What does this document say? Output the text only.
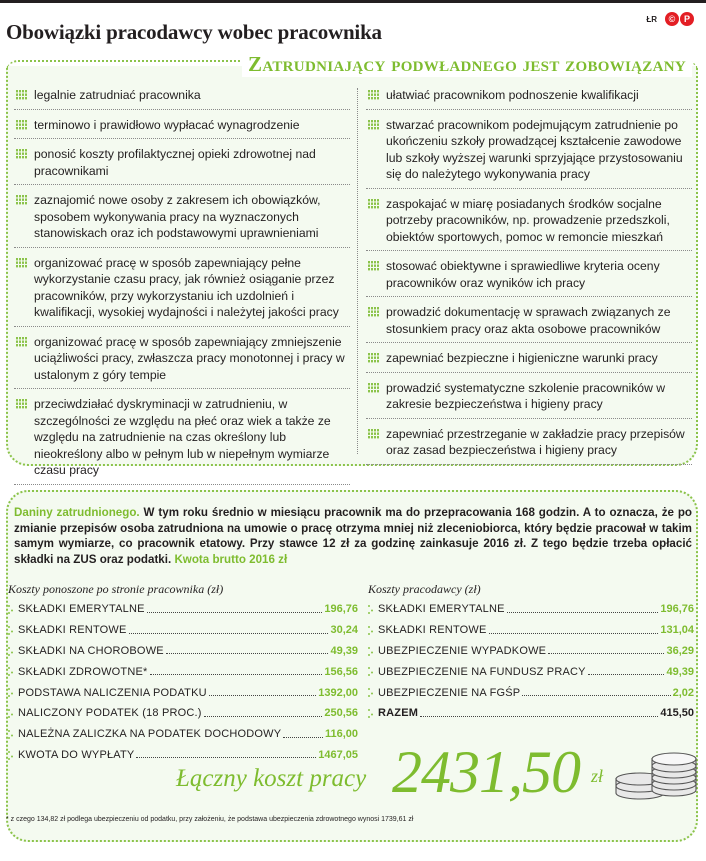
Obowiązki pracodawcy wobec pracownika
ŁR	© P
Zatrudniający podwładnego jest zobowiązany
legalnie zatrudniać pracownika
terminowo i prawidłowo wypłacać wynagrodzenie
ponosić koszty profilaktycznej opieki zdrowotnej nad pracownikami
zaznajomić nowe osoby z zakresem ich obowiązków, sposobem wykonywania pracy na wyznaczonych stanowiskach oraz ich podstawowymi uprawnieniami
organizować pracę w sposób zapewniający pełne wykorzystanie czasu pracy, jak również osiąganie przez pracowników, przy wykorzystaniu ich uzdolnień i kwalifikacji, wysokiej wydajności i należytej jakości pracy
organizować pracę w sposób zapewniający zmniejszenie uciążliwości pracy, zwłaszcza pracy monotonnej i pracy w ustalonym z góry tempie
przeciwdziałać dyskryminacji w zatrudnieniu, w szczególności ze względu na płeć oraz wiek a także ze względu na zatrudnienie na czas określony lub nieokreślony albo w pełnym lub w niepełnym wymiarze czasu pracy
ułatwiać pracownikom podnoszenie kwalifikacji
stwarzać pracownikom podejmującym zatrudnienie po ukończeniu szkoły prowadzącej kształcenie zawodowe lub szkoły wyższej warunki sprzyjające przystosowaniu się do należytego wykonywania pracy
zaspokajać w miarę posiadanych środków socjalne potrzeby pracowników, np. prowadzenie przedszkoli, obiektów sportowych, pomoc w remoncie mieszkań
stosować obiektywne i sprawiedliwe kryteria oceny pracowników oraz wyników ich pracy
prowadzić dokumentację w sprawach związanych ze stosunkiem pracy oraz akta osobowe pracowników
zapewniać bezpieczne i higieniczne warunki pracy
prowadzić systematyczne szkolenie pracowników w zakresie bezpieczeństwa i higieny pracy
zapewniać przestrzeganie w zakładzie pracy przepisów oraz zasad bezpieczeństwa i higieny pracy

Daniny zatrudnionego. W tym roku średnio w miesiącu pracownik ma do przepracowania 168 godzin. A to oznacza, że po zmianie przepisów osoba zatrudniona na umowie o pracę otrzyma mniej niż zleceniobiorca, który będzie pracował w takim samym wymiarze, co pracownik etatowy. Przy stawce 12 zł za godzinę zainkasuje 2016 zł. Z tego będzie trzeba opłacić składki na ZUS oraz podatki. Kwota brutto 2016 zł

Koszty ponoszone po stronie pracownika (zł)
SKŁADKI EMERYTALNE	196,76
SKŁADKI RENTOWE	30,24
SKŁADKI NA CHOROBOWE	49,39
SKŁADKI ZDROWOTNE*	156,56
PODSTAWA NALICZENIA PODATKU	1392,00
NALICZONY PODATEK (18 PROC.)	250,56
NALEŻNA ZALICZKA NA PODATEK DOCHODOWY	116,00
KWOTA DO WYPŁATY	1467,05
Koszty pracodawcy (zł)
SKŁADKI EMERYTALNE	196,76
SKŁADKI RENTOWE	131,04
UBEZPIECZENIE WYPADKOWE	36,29
UBEZPIECZENIE NA FUNDUSZ PRACY	49,39
UBEZPIECZENIE NA FGŚP	2,02
RAZEM	415,50
Łączny koszt pracy 2431,50 zł
* z czego 134,82 zł podlega ubezpieczeniu od podatku, przy założeniu, że podstawa ubezpieczenia zdrowotnego wynosi 1739,61 zł
